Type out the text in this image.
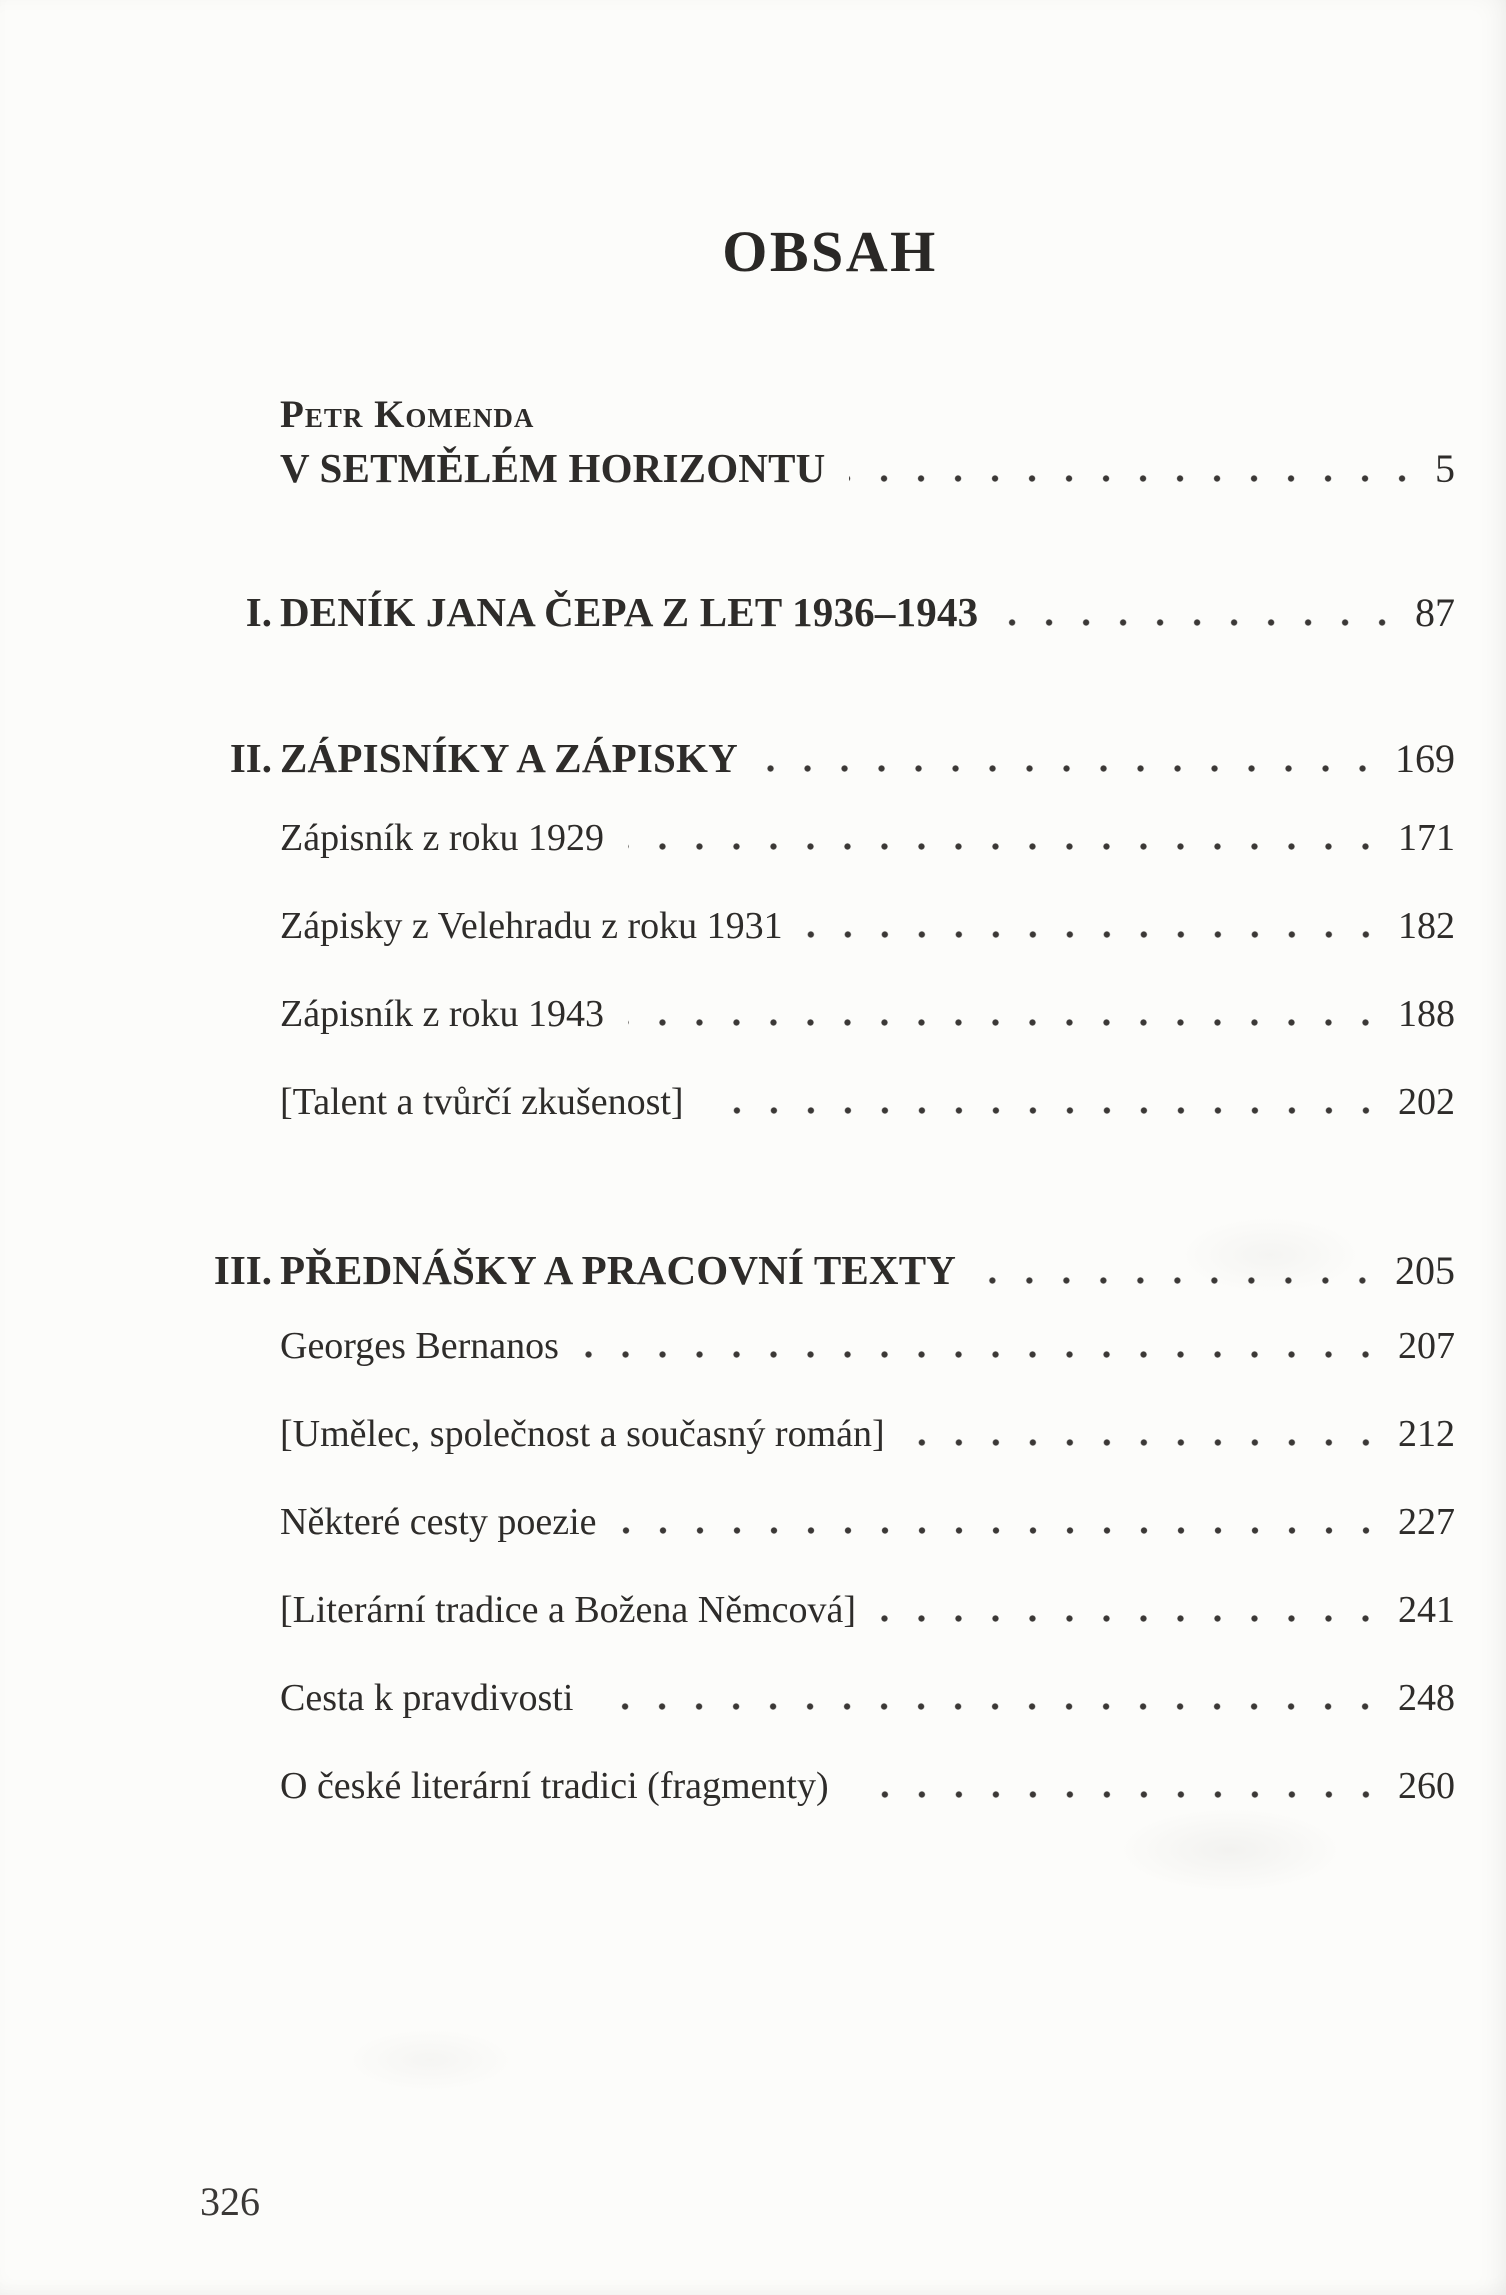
OBSAH
Petr Komenda
V SETMĚLÉM HORIZONTU	5
I. DENÍK JANA ČEPA Z LET 1936–1943	87
II. ZÁPISNÍKY A ZÁPISKY	169
Zápisník z roku 1929	171
Zápisky z Velehradu z roku 1931	182
Zápisník z roku 1943	188
[Talent a tvůrčí zkušenost]	202
III. PŘEDNÁŠKY A PRACOVNÍ TEXTY	205
Georges Bernanos	207
[Umělec, společnost a současný román]	212
Některé cesty poezie	227
[Literární tradice a Božena Němcová]	241
Cesta k pravdivosti	248
O české literární tradici (fragmenty)	260
326
